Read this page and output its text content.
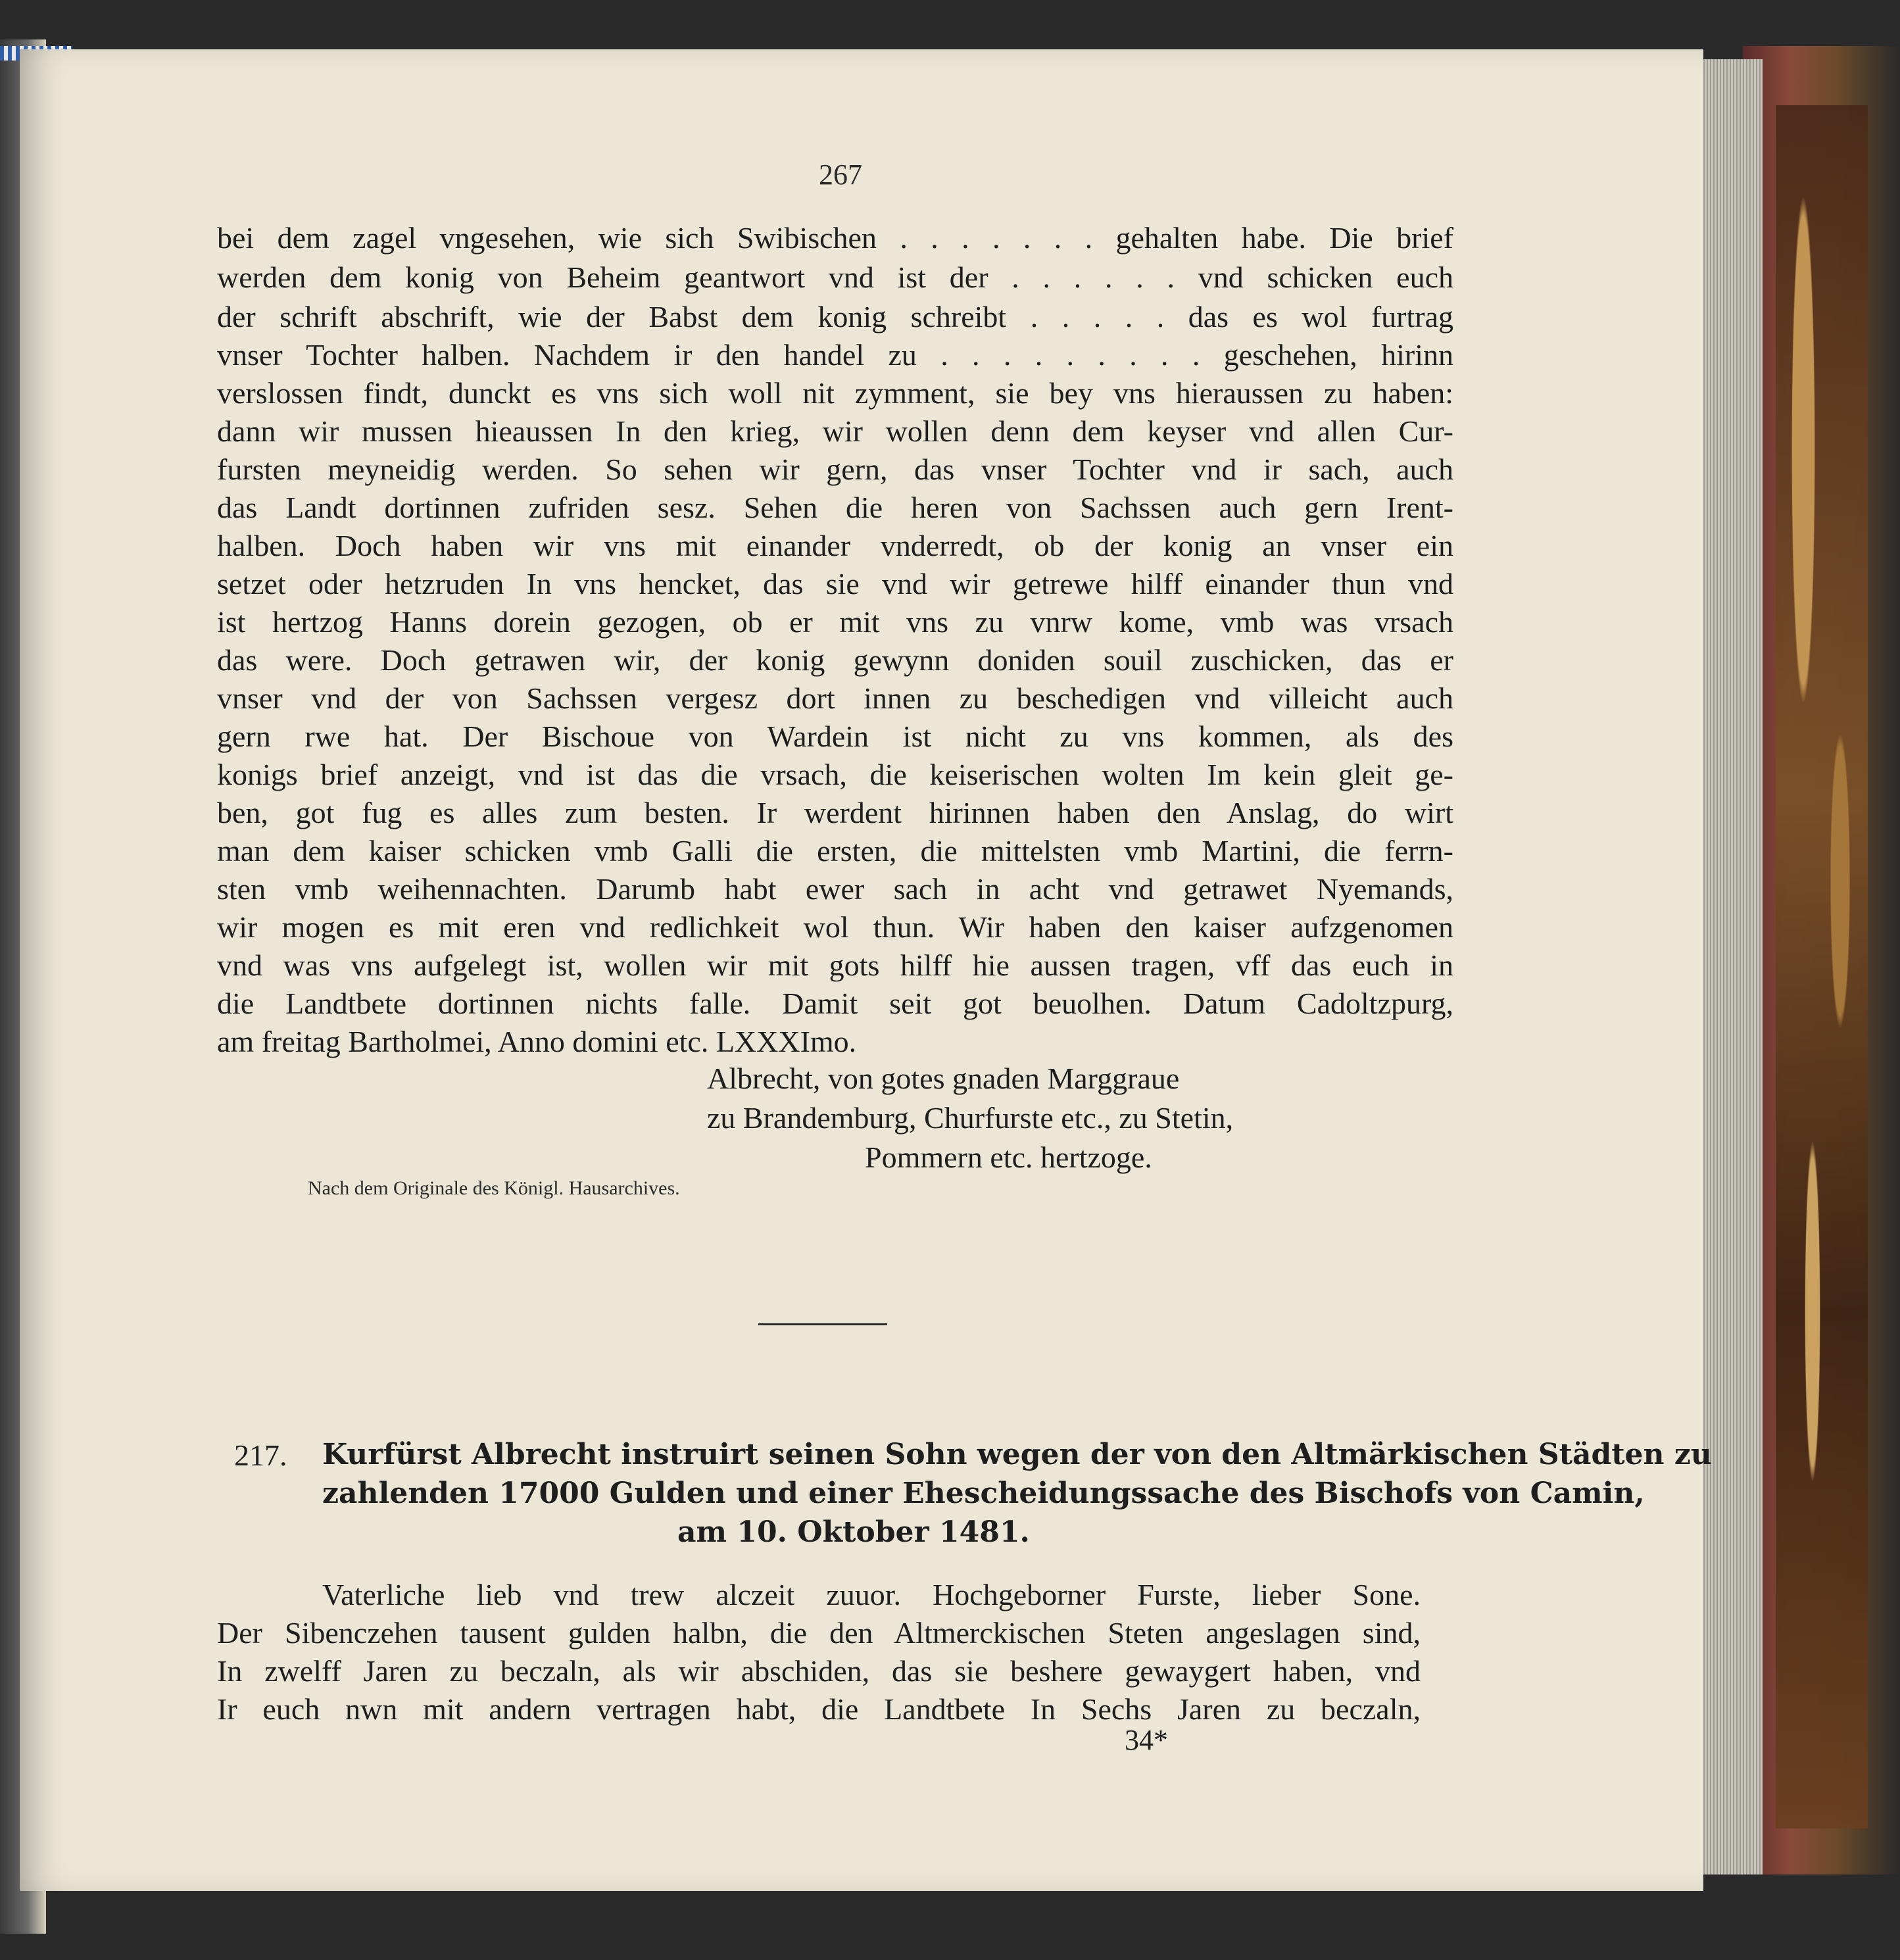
267
bei dem zagel vngesehen, wie sich Swibischen . . . . . . . gehalten habe. Die brief
werden dem konig von Beheim geantwort vnd ist der . . . . . . vnd schicken euch
der schrift abschrift, wie der Babst dem konig schreibt . . . . . das es wol furtrag
vnser Tochter halben. Nachdem ir den handel zu . . . . . . . . . geschehen, hirinn
verslossen findt, dunckt es vns sich woll nit zymment, sie bey vns hieraussen zu haben:
dann wir mussen hieaussen In den krieg, wir wollen denn dem keyser vnd allen Cur-
fursten meyneidig werden. So sehen wir gern, das vnser Tochter vnd ir sach, auch
das Landt dortinnen zufriden sesz. Sehen die heren von Sachssen auch gern Irent-
halben. Doch haben wir vns mit einander vnderredt, ob der konig an vnser ein
setzet oder hetzruden In vns hencket, das sie vnd wir getrewe hilff einander thun vnd
ist hertzog Hanns dorein gezogen, ob er mit vns zu vnrw kome, vmb was vrsach
das were. Doch getrawen wir, der konig gewynn doniden souil zuschicken, das er
vnser vnd der von Sachssen vergesz dort innen zu beschedigen vnd villeicht auch
gern rwe hat. Der Bischoue von Wardein ist nicht zu vns kommen, als des
konigs brief anzeigt, vnd ist das die vrsach, die keiserischen wolten Im kein gleit ge-
ben, got fug es alles zum besten. Ir werdent hirinnen haben den Anslag, do wirt
man dem kaiser schicken vmb Galli die ersten, die mittelsten vmb Martini, die ferrn-
sten vmb weihennachten. Darumb habt ewer sach in acht vnd getrawet Nyemands,
wir mogen es mit eren vnd redlichkeit wol thun. Wir haben den kaiser aufzgenomen
vnd was vns aufgelegt ist, wollen wir mit gots hilff hie aussen tragen, vff das euch in
die Landtbete dortinnen nichts falle. Damit seit got beuolhen. Datum Cadoltzpurg,
am freitag Bartholmei, Anno domini etc. LXXXImo.
Albrecht, von gotes gnaden Marggraue
zu Brandemburg, Churfurste etc., zu Stetin,
Pommern etc. hertzoge.
Nach dem Originale des Königl. Hausarchives.
217. Kurfürst Albrecht instruirt seinen Sohn wegen der von den Altmärkischen Städten zu
zahlenden 17000 Gulden und einer Ehescheidungssache des Bischofs von Camin,
am 10. Oktober 1481.
Vaterliche lieb vnd trew alczeit zuuor. Hochgeborner Furste, lieber Sone.
Der Sibenczehen tausent gulden halbn, die den Altmerckischen Steten angeslagen sind,
In zwelff Jaren zu beczaln, als wir abschiden, das sie beshere gewaygert haben, vnd
Ir euch nwn mit andern vertragen habt, die Landtbete In Sechs Jaren zu beczaln,
34*
